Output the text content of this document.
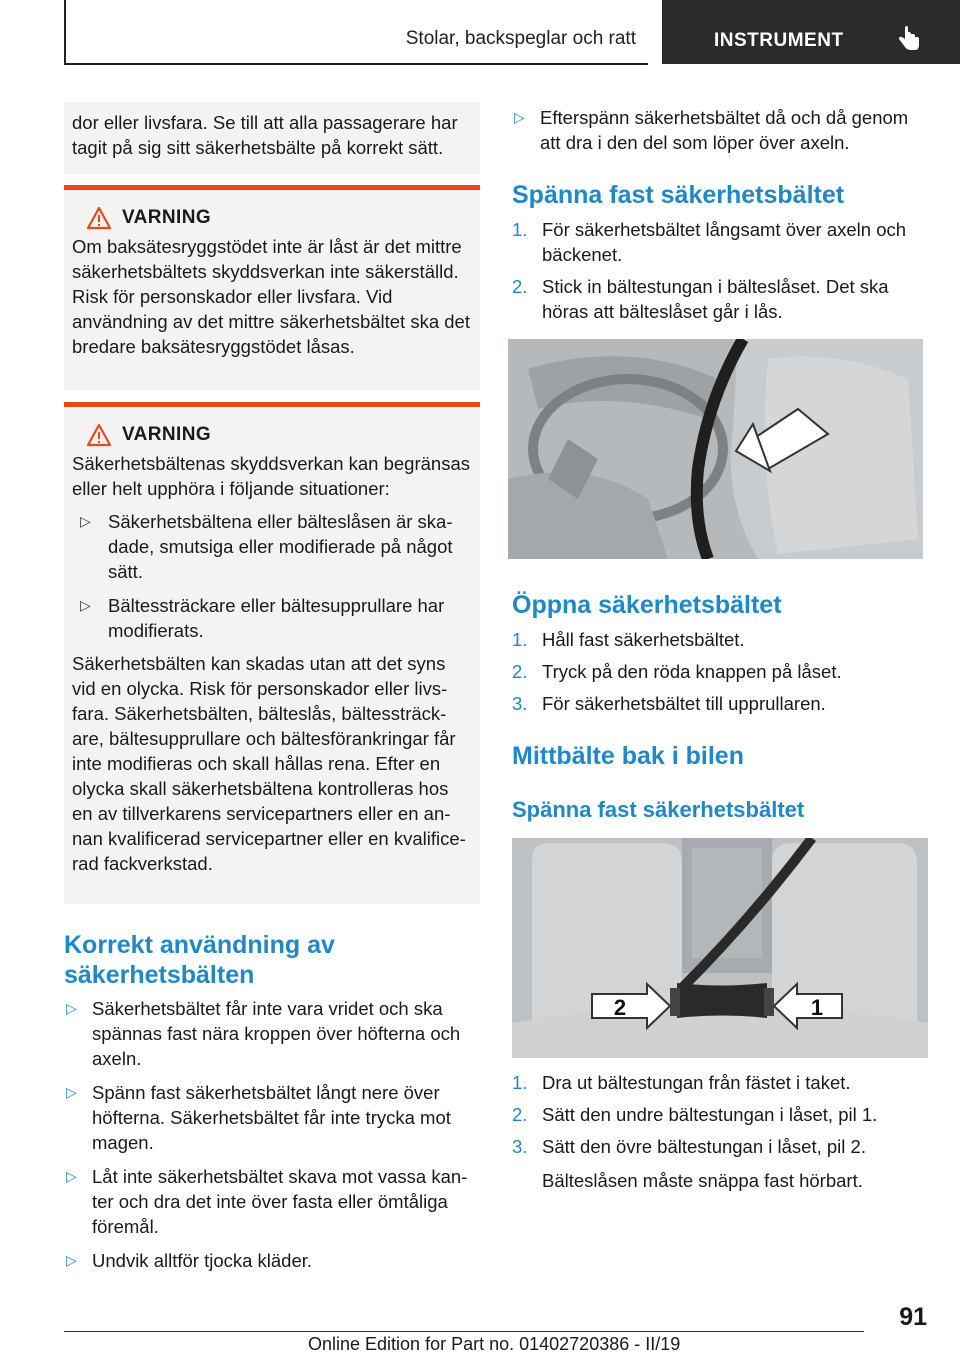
Stolar, backspeglar och ratt	INSTRUMENT

dor eller livsfara. Se till att alla passagerare har tagit på sig sitt säkerhetsbälte på korrekt sätt.

VARNING

Om baksätesryggstödet inte är låst är det mittre säkerhetsbältets skyddsverkan inte säkerställd. Risk för personskador eller livsfara. Vid användning av det mittre säkerhetsbältet ska det bredare baksätesryggstödet låsas.

VARNING

Säkerhetsbältenas skyddsverkan kan begränsas eller helt upphöra i följande situationer:

▷ Säkerhetsbältena eller bälteslåsen är skadade, smutsiga eller modifierade på något sätt.
▷ Bältessträckare eller bältesupprullare har modifierats.

Säkerhetsbälten kan skadas utan att det syns vid en olycka. Risk för personskador eller livsfara. Säkerhetsbälten, bälteslås, bältessträckare, bältesupprullare och bältesförankringar får inte modifieras och skall hållas rena. Efter en olycka skall säkerhetsbältena kontrolleras hos en av tillverkarens servicepartners eller en annan kvalificerad servicepartner eller en kvalificerad fackverkstad.

Korrekt användning av säkerhetsbälten
▷ Säkerhetsbältet får inte vara vridet och ska spännas fast nära kroppen över höfterna och axeln.
▷ Spänn fast säkerhetsbältet långt nere över höfterna. Säkerhetsbältet får inte trycka mot magen.
▷ Låt inte säkerhetsbältet skava mot vassa kanter och dra det inte över fasta eller ömtåliga föremål.
▷ Undvik alltför tjocka kläder.
▷ Efterspänn säkerhetsbältet då och då genom att dra i den del som löper över axeln.
Spänna fast säkerhetsbältet
1. För säkerhetsbältet långsamt över axeln och bäckenet.
2. Stick in bältestungan i bälteslåset. Det ska höras att bälteslåset går i lås.
Öppna säkerhetsbältet
1. Håll fast säkerhetsbältet.
2. Tryck på den röda knappen på låset.
3. För säkerhetsbältet till upprullaren.
Mittbälte bak i bilen
Spänna fast säkerhetsbältet
2	1
1. Dra ut bältestungan från fästet i taket.
2. Sätt den undre bältestungan i låset, pil 1.
3. Sätt den övre bältestungan i låset, pil 2.

Bälteslåsen måste snäppa fast hörbart.

91
Online Edition for Part no. 01402720386 - II/19
